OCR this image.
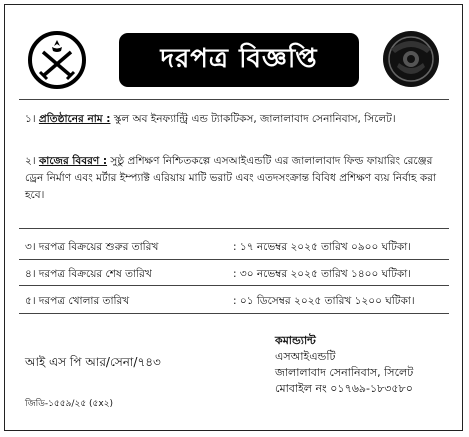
দরপত্র বিজ্ঞপ্তি
১। প্রতিষ্ঠানের নাম : স্কুল অব ইনফ্যান্ট্রি এন্ড ট্যাকটিকস, জালালাবাদ সেনানিবাস, সিলেট।
২। কাজের বিবরণ : সুষ্ঠু প্রশিক্ষণ নিশ্চিতকল্পে এসআইএন্ডটি এর জালালাবাদ ফিল্ড ফায়ারিং রেঞ্জের ড্রেন নির্মাণ এবং মর্টার ইম্প্যাক্ট এরিয়ায় মাটি ভরাট এবং এতদসংক্রান্ত বিবিধ প্রশিক্ষণ ব্যয় নির্বাহ করা হবে।
৩। দরপত্র বিক্রয়ের শুরুর তারিখ	: ১৭ নভেম্বর ২০২৫ তারিখ ০৯০০ ঘটিকা।
৪। দরপত্র বিক্রয়ের শেষ তারিখ	: ৩০ নভেম্বর ২০২৫ তারিখ ১৪০০ ঘটিকা।
৫। দরপত্র খোলার তারিখ	: ০১ ডিসেম্বর ২০২৫ তারিখ ১২০০ ঘটিকা।
আই এস পি আর/সেনা/৭৪৩
কমান্ড্যান্ট
এসআইএন্ডটি
জালালাবাদ সেনানিবাস, সিলেট
মোবাইল নং ০১৭৬৯-১৮৩৫৮০
জিডি-১৫৫৯/২৫ (৫x২)
